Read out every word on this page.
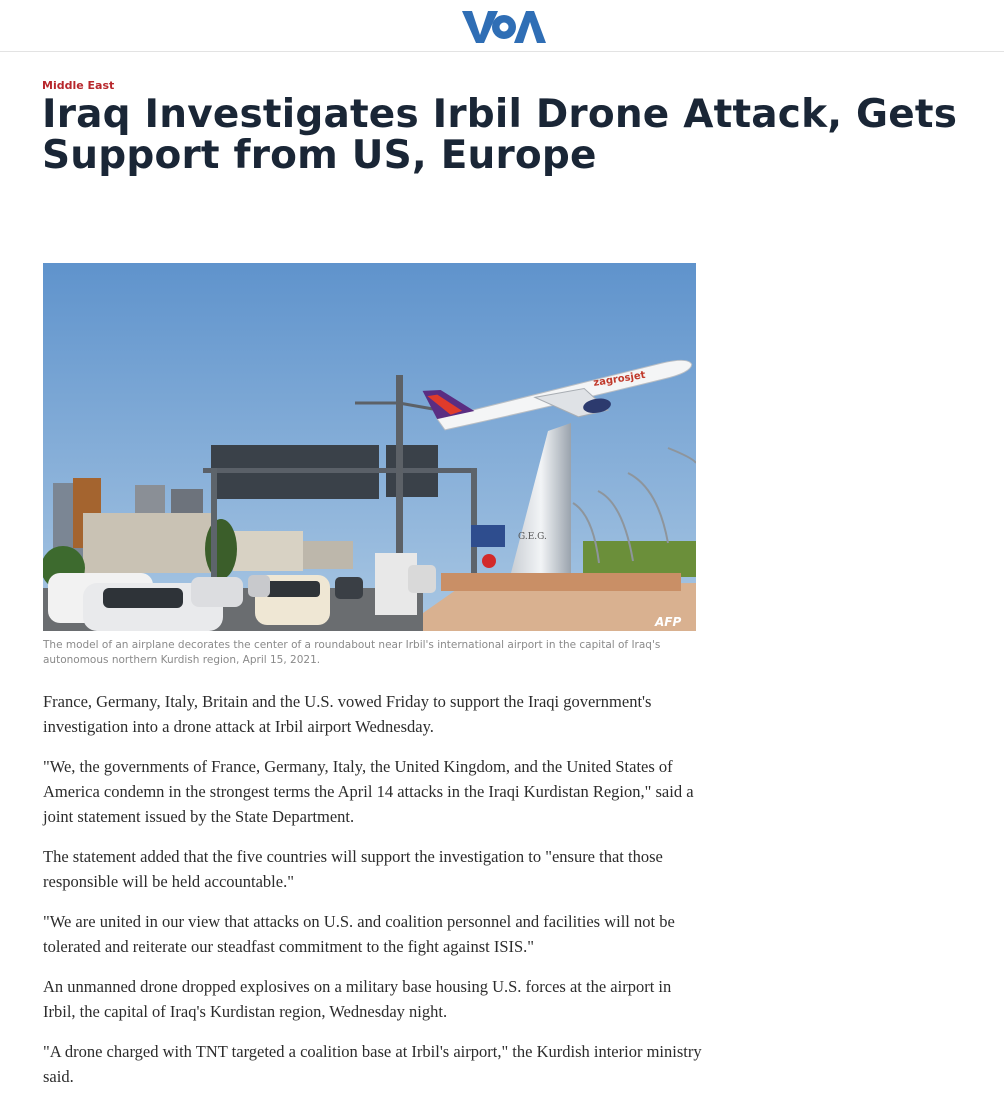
Middle East
Iraq Investigates Irbil Drone Attack, Gets Support from US, Europe
G.E.G.
zagrosjet
AFP
The model of an airplane decorates the center of a roundabout near Irbil's international airport in the capital of Iraq's autonomous northern Kurdish region, April 15, 2021.

France, Germany, Italy, Britain and the U.S. vowed Friday to support the Iraqi government's investigation into a drone attack at Irbil airport Wednesday.

"We, the governments of France, Germany, Italy, the United Kingdom, and the United States of America condemn in the strongest terms the April 14 attacks in the Iraqi Kurdistan Region," said a joint statement issued by the State Department.

The statement added that the five countries will support the investigation to "ensure that those responsible will be held accountable."

"We are united in our view that attacks on U.S. and coalition personnel and facilities will not be tolerated and reiterate our steadfast commitment to the fight against ISIS."

An unmanned drone dropped explosives on a military base housing U.S. forces at the airport in Irbil, the capital of Iraq's Kurdistan region, Wednesday night.

"A drone charged with TNT targeted a coalition base at Irbil's airport," the Kurdish interior ministry said.
